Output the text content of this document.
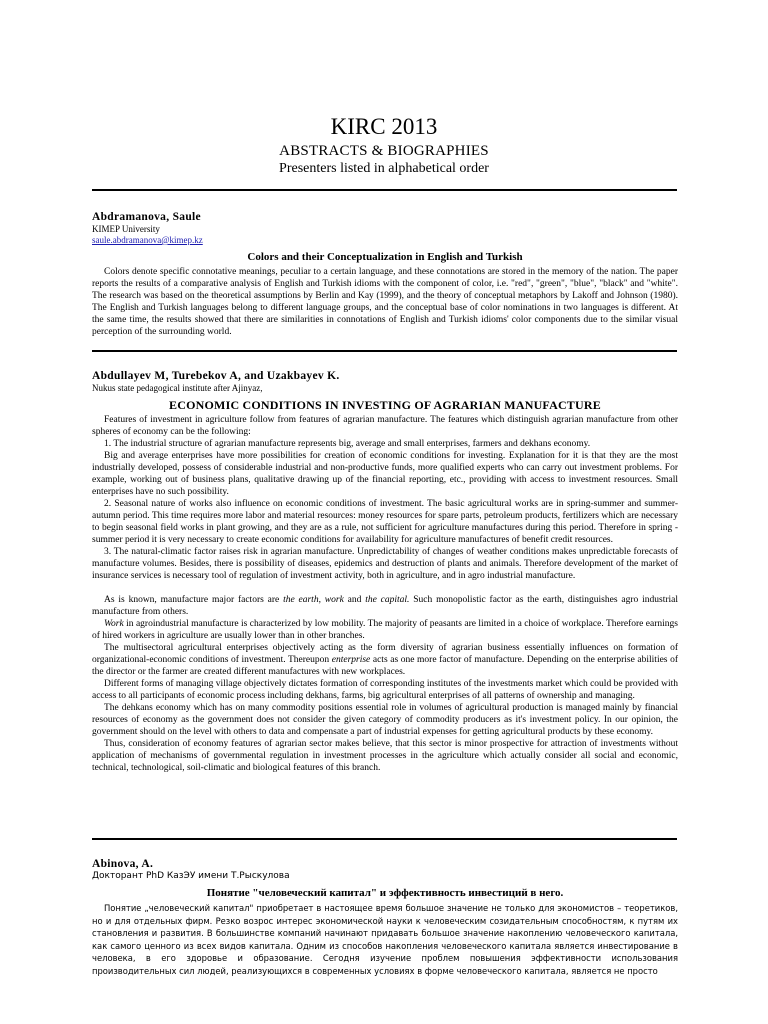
KIRC 2013
ABSTRACTS & BIOGRAPHIES
Presenters listed in alphabetical order
Abdramanova, Saule
KIMEP University
saule.abdramanova@kimep.kz
Colors and their Conceptualization in English and Turkish

Colors denote specific connotative meanings, peculiar to a certain language, and these connotations are stored in the memory of the nation. The paper reports the results of a comparative analysis of English and Turkish idioms with the component of color, i.e. "red", "green", "blue", "black" and "white". The research was based on the theoretical assumptions by Berlin and Kay (1999), and the theory of conceptual metaphors by Lakoff and Johnson (1980). The English and Turkish languages belong to different language groups, and the conceptual base of color nominations in two languages is different. At the same time, the results showed that there are similarities in connotations of English and Turkish idioms' color components due to the similar visual perception of the surrounding world.

Abdullayev M, Turebekov A, and Uzakbayev K.
Nukus state pedagogical institute after Ajinyaz,
ECONOMIC CONDITIONS IN INVESTING OF AGRARIAN MANUFACTURE

Features of investment in agriculture follow from features of agrarian manufacture. The features which distinguish agrarian manufacture from other spheres of economy can be the following:

1. The industrial structure of agrarian manufacture represents big, average and small enterprises, farmers and dekhans economy.

Big and average enterprises have more possibilities for creation of economic conditions for investing. Explanation for it is that they are the most industrially developed, possess of considerable industrial and non-productive funds, more qualified experts who can carry out investment problems. For example, working out of business plans, qualitative drawing up of the financial reporting, etc., providing with access to investment resources. Small enterprises have no such possibility.

2. Seasonal nature of works also influence on economic conditions of investment. The basic agricultural works are in spring-summer and summer-autumn period. This time requires more labor and material resources: money resources for spare parts, petroleum products, fertilizers which are necessary to begin seasonal field works in plant growing, and they are as a rule, not sufficient for agriculture manufactures during this period. Therefore in spring - summer period it is very necessary to create economic conditions for availability for agriculture manufactures of benefit credit resources.

3. The natural-climatic factor raises risk in agrarian manufacture. Unpredictability of changes of weather conditions makes unpredictable forecasts of manufacture volumes. Besides, there is possibility of diseases, epidemics and destruction of plants and animals. Therefore development of the market of insurance services is necessary tool of regulation of investment activity, both in agriculture, and in agro industrial manufacture.

As is known, manufacture major factors are the earth, work and the capital. Such monopolistic factor as the earth, distinguishes agro industrial manufacture from others.

Work in agroindustrial manufacture is characterized by low mobility. The majority of peasants are limited in a choice of workplace. Therefore earnings of hired workers in agriculture are usually lower than in other branches.

The multisectoral agricultural enterprises objectively acting as the form diversity of agrarian business essentially influences on formation of organizational-economic conditions of investment. Thereupon enterprise acts as one more factor of manufacture. Depending on the enterprise abilities of the director or the farmer are created different manufactures with new workplaces.

Different forms of managing village objectively dictates formation of corresponding institutes of the investments market which could be provided with access to all participants of economic process including dekhans, farms, big agricultural enterprises of all patterns of ownership and managing.

The dehkans economy which has on many commodity positions essential role in volumes of agricultural production is managed mainly by financial resources of economy as the government does not consider the given category of commodity producers as it's investment policy. In our opinion, the government should on the level with others to data and compensate a part of industrial expenses for getting agricultural products by these economy.

Thus, consideration of economy features of agrarian sector makes believe, that this sector is minor prospective for attraction of investments without application of mechanisms of governmental regulation in investment processes in the agriculture which actually consider all social and economic, technical, technological, soil-climatic and biological features of this branch.

Abinova, A.
Докторант PhD КазЭУ имени Т.Рыскулова
Понятие "человеческий капитал" и эффективность инвестиций в него.

Понятие „человеческий капитал" приобретает в настоящее время большое значение не только для экономистов – теоретиков, но и для отдельных фирм. Резко возрос интерес экономической науки к человеческим созидательным способностям, к путям их становления и развития. В большинстве компаний начинают придавать большое значение накоплению человеческого капитала, как самого ценного из всех видов капитала. Одним из способов накопления человеческого капитала является инвестирование в человека, в его здоровье и образование. Сегодня изучение проблем повышения эффективности использования производительных сил людей, реализующихся в современных условиях в форме человеческого капитала, является не просто
